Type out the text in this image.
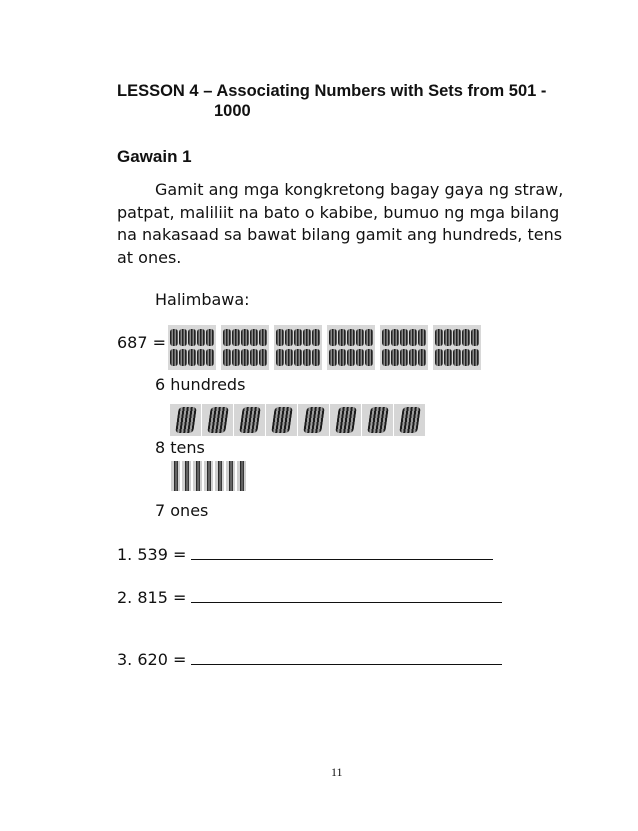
LESSON 4 – Associating Numbers with Sets from 501 -
1000
Gawain 1

Gamit ang mga kongkretong bagay gaya ng straw, patpat, maliliit na bato o kabibe, bumuo ng mga bilang na nakasaad sa bawat bilang gamit ang hundreds, tens at ones.

Halimbawa:

687 =
6 hundreds
8 tens
7 ones
1. 539 =
2. 815 =
3. 620 =
11
